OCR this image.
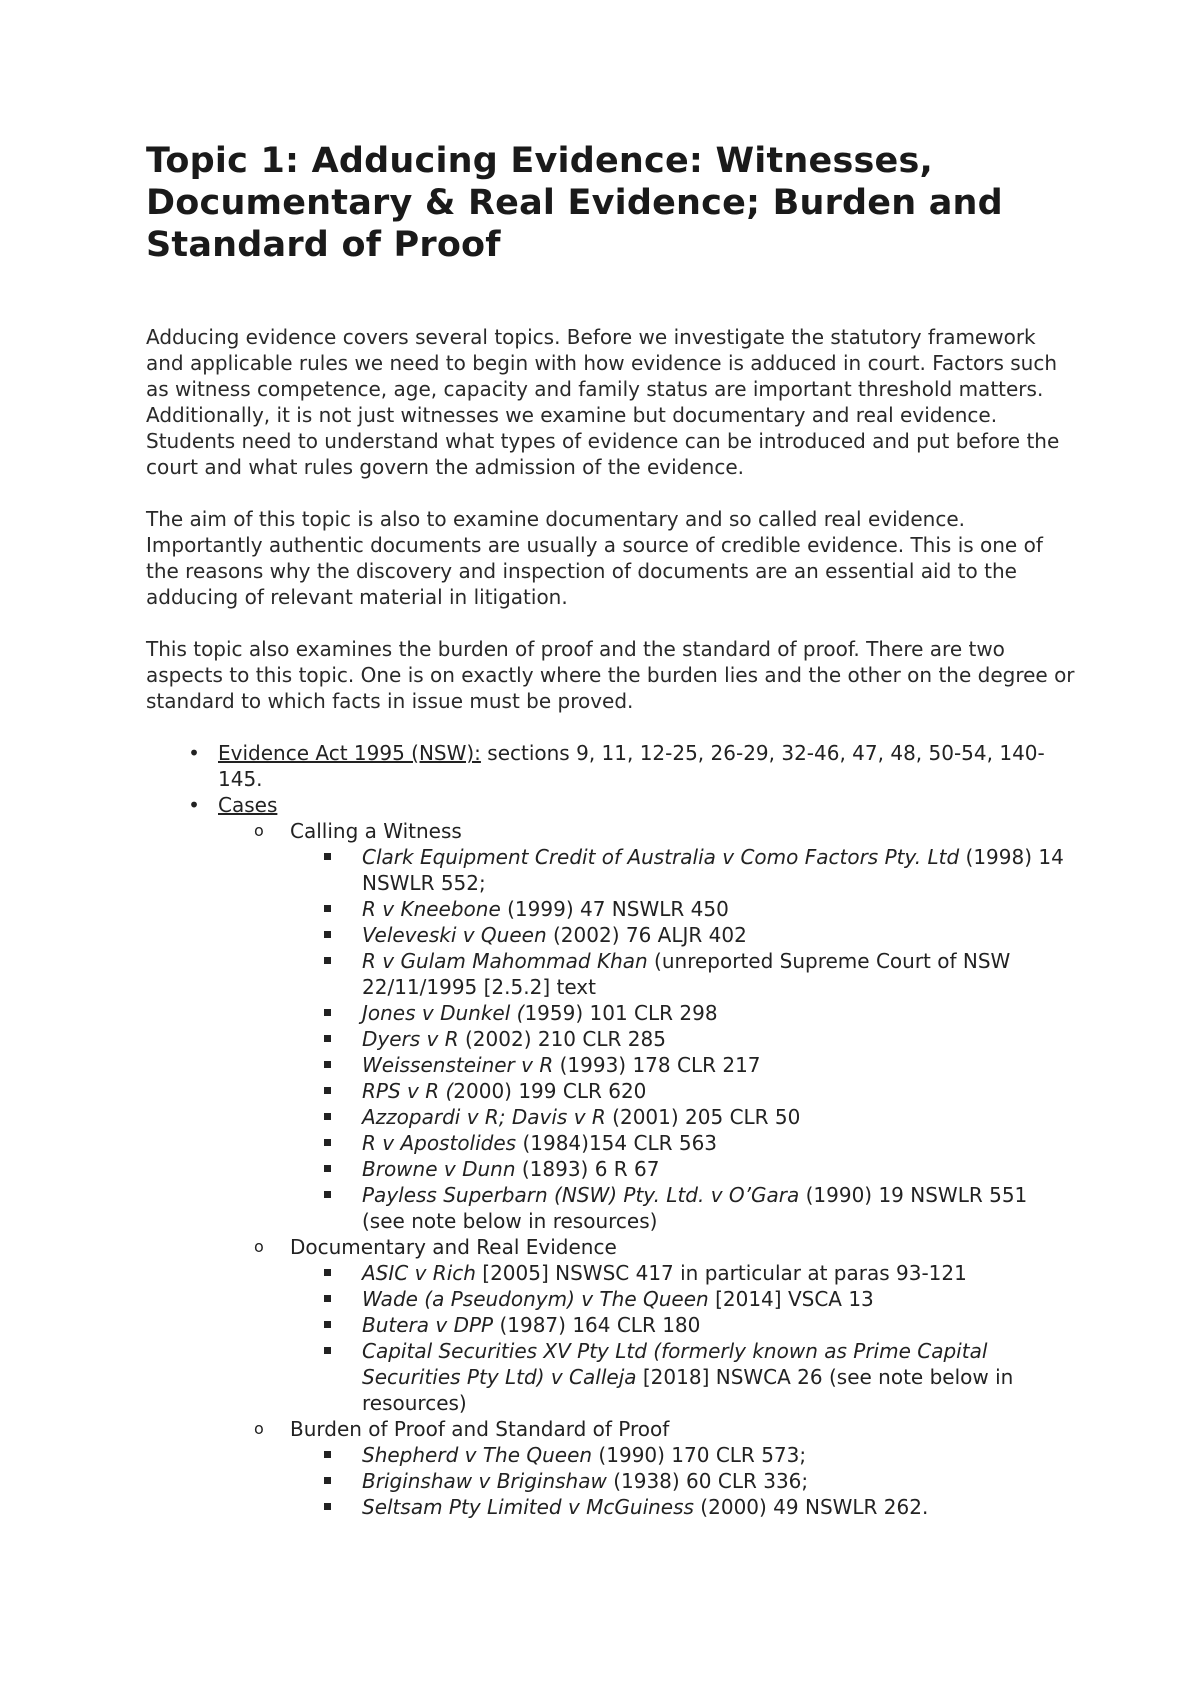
Topic 1: Adducing Evidence: Witnesses, Documentary & Real Evidence; Burden and Standard of Proof

Adducing evidence covers several topics. Before we investigate the statutory framework and applicable rules we need to begin with how evidence is adduced in court. Factors such as witness competence, age, capacity and family status are important threshold matters. Additionally, it is not just witnesses we examine but documentary and real evidence. Students need to understand what types of evidence can be introduced and put before the court and what rules govern the admission of the evidence.

The aim of this topic is also to examine documentary and so called real evidence. Importantly authentic documents are usually a source of credible evidence. This is one of the reasons why the discovery and inspection of documents are an essential aid to the adducing of relevant material in litigation.

This topic also examines the burden of proof and the standard of proof. There are two aspects to this topic. One is on exactly where the burden lies and the other on the degree or standard to which facts in issue must be proved.

• Evidence Act 1995 (NSW): sections 9, 11, 12-25, 26-29, 32-46, 47, 48, 50-54, 140-145.
• Cases
o Calling a Witness
Clark Equipment Credit of Australia v Como Factors Pty. Ltd (1998) 14 NSWLR 552;
R v Kneebone (1999) 47 NSWLR 450
Veleveski v Queen (2002) 76 ALJR 402
R v Gulam Mahommad Khan (unreported Supreme Court of NSW 22/11/1995 [2.5.2] text
Jones v Dunkel (1959) 101 CLR 298
Dyers v R (2002) 210 CLR 285
Weissensteiner v R (1993) 178 CLR 217
RPS v R (2000) 199 CLR 620
Azzopardi v R; Davis v R (2001) 205 CLR 50
R v Apostolides (1984)154 CLR 563
Browne v Dunn (1893) 6 R 67
Payless Superbarn (NSW) Pty. Ltd. v O’Gara (1990) 19 NSWLR 551 (see note below in resources)
o Documentary and Real Evidence
ASIC v Rich [2005] NSWSC 417 in particular at paras 93-121
Wade (a Pseudonym) v The Queen [2014] VSCA 13
Butera v DPP (1987) 164 CLR 180
Capital Securities XV Pty Ltd (formerly known as Prime Capital Securities Pty Ltd) v Calleja [2018] NSWCA 26 (see note below in resources)
o Burden of Proof and Standard of Proof
Shepherd v The Queen (1990) 170 CLR 573;
Briginshaw v Briginshaw (1938) 60 CLR 336;
Seltsam Pty Limited v McGuiness (2000) 49 NSWLR 262.
